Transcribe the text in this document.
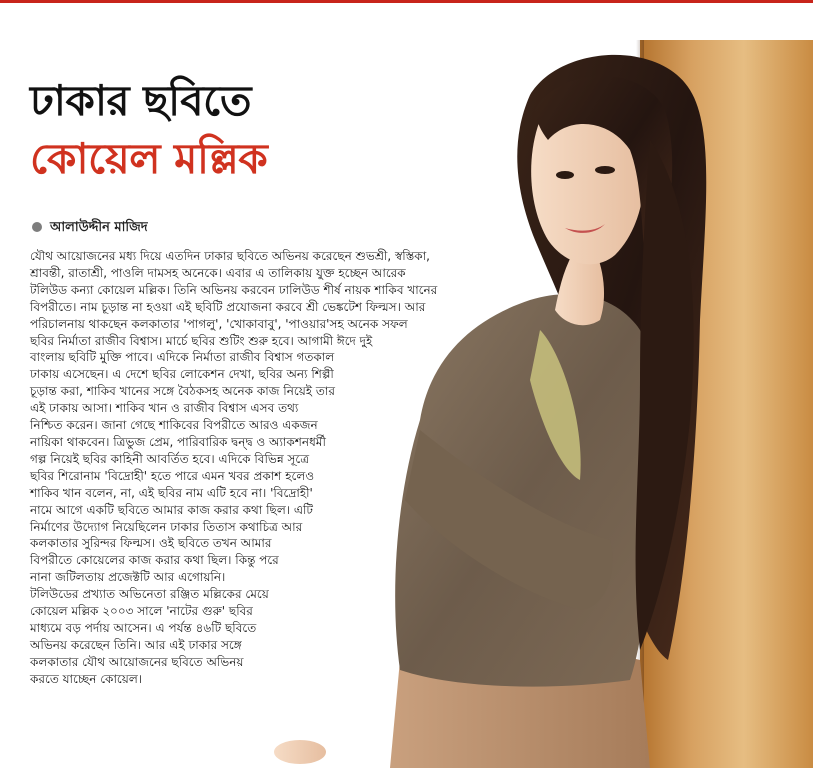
ঢাকার ছবিতে
কোয়েল মল্লিক
আলাউদ্দীন মাজিদ
যৌথ আয়োজনের মধ্য দিয়ে এতদিন ঢাকার ছবিতে অভিনয় করেছেন শুভশ্রী, স্বস্তিকা,
শ্রাবন্তী, রাতাশ্রী, পাওলি দামসহ অনেকে। এবার এ তালিকায় যুক্ত হচ্ছেন আরেক
টলিউড কন্যা কোয়েল মল্লিক। তিনি অভিনয় করবেন ঢালিউড শীর্ষ নায়ক শাকিব খানের
বিপরীতে। নাম চূড়ান্ত না হওয়া এই ছবিটি প্রযোজনা করবে শ্রী ভেঙ্কটেশ ফিল্মস। আর
পরিচালনায় থাকছেন কলকাতার 'পাগলু', 'খোকাবাবু', 'পাওয়ার'সহ অনেক সফল
ছবির নির্মাতা রাজীব বিশ্বাস। মার্চে ছবির শুটিং শুরু হবে। আগামী ঈদে দুই
বাংলায় ছবিটি মুক্তি পাবে। এদিকে নির্মাতা রাজীব বিশ্বাস গতকাল
ঢাকায় এসেছেন। এ দেশে ছবির লোকেশন দেখা, ছবির অন্য শিল্পী
চূড়ান্ত করা, শাকিব খানের সঙ্গে বৈঠকসহ অনেক কাজ নিয়েই তার
এই ঢাকায় আসা। শাকিব খান ও রাজীব বিশ্বাস এসব তথ্য
নিশ্চিত করেন। জানা গেছে শাকিবের বিপরীতে আরও একজন
নায়িকা থাকবেন। ত্রিভুজ প্রেম, পারিবারিক দ্বন্দ্ব ও অ্যাকশনধর্মী
গল্প নিয়েই ছবির কাহিনী আবর্তিত হবে। এদিকে বিভিন্ন সূত্রে
ছবির শিরোনাম 'বিদ্রোহী' হতে পারে এমন খবর প্রকাশ হলেও
শাকিব খান বলেন, না, এই ছবির নাম এটি হবে না। 'বিদ্রোহী'
নামে আগে একটি ছবিতে আমার কাজ করার কথা ছিল। এটি
নির্মাণের উদ্যোগ নিয়েছিলেন ঢাকার তিতাস কথাচিত্র আর
কলকাতার সুরিন্দর ফিল্মস। ওই ছবিতে তখন আমার
বিপরীতে কোয়েলের কাজ করার কথা ছিল। কিন্তু পরে
নানা জটিলতায় প্রজেক্টটি আর এগোয়নি।
টলিউডের প্রখ্যাত অভিনেতা রঞ্জিত মল্লিকের মেয়ে
কোয়েল মল্লিক ২০০৩ সালে 'নাটের গুরু' ছবির
মাধ্যমে বড় পর্দায় আসেন। এ পর্যন্ত ৪৬টি ছবিতে
অভিনয় করেছেন তিনি। আর এই ঢাকার সঙ্গে
কলকাতার যৌথ আয়োজনের ছবিতে অভিনয়
করতে যাচ্ছেন কোয়েল।
